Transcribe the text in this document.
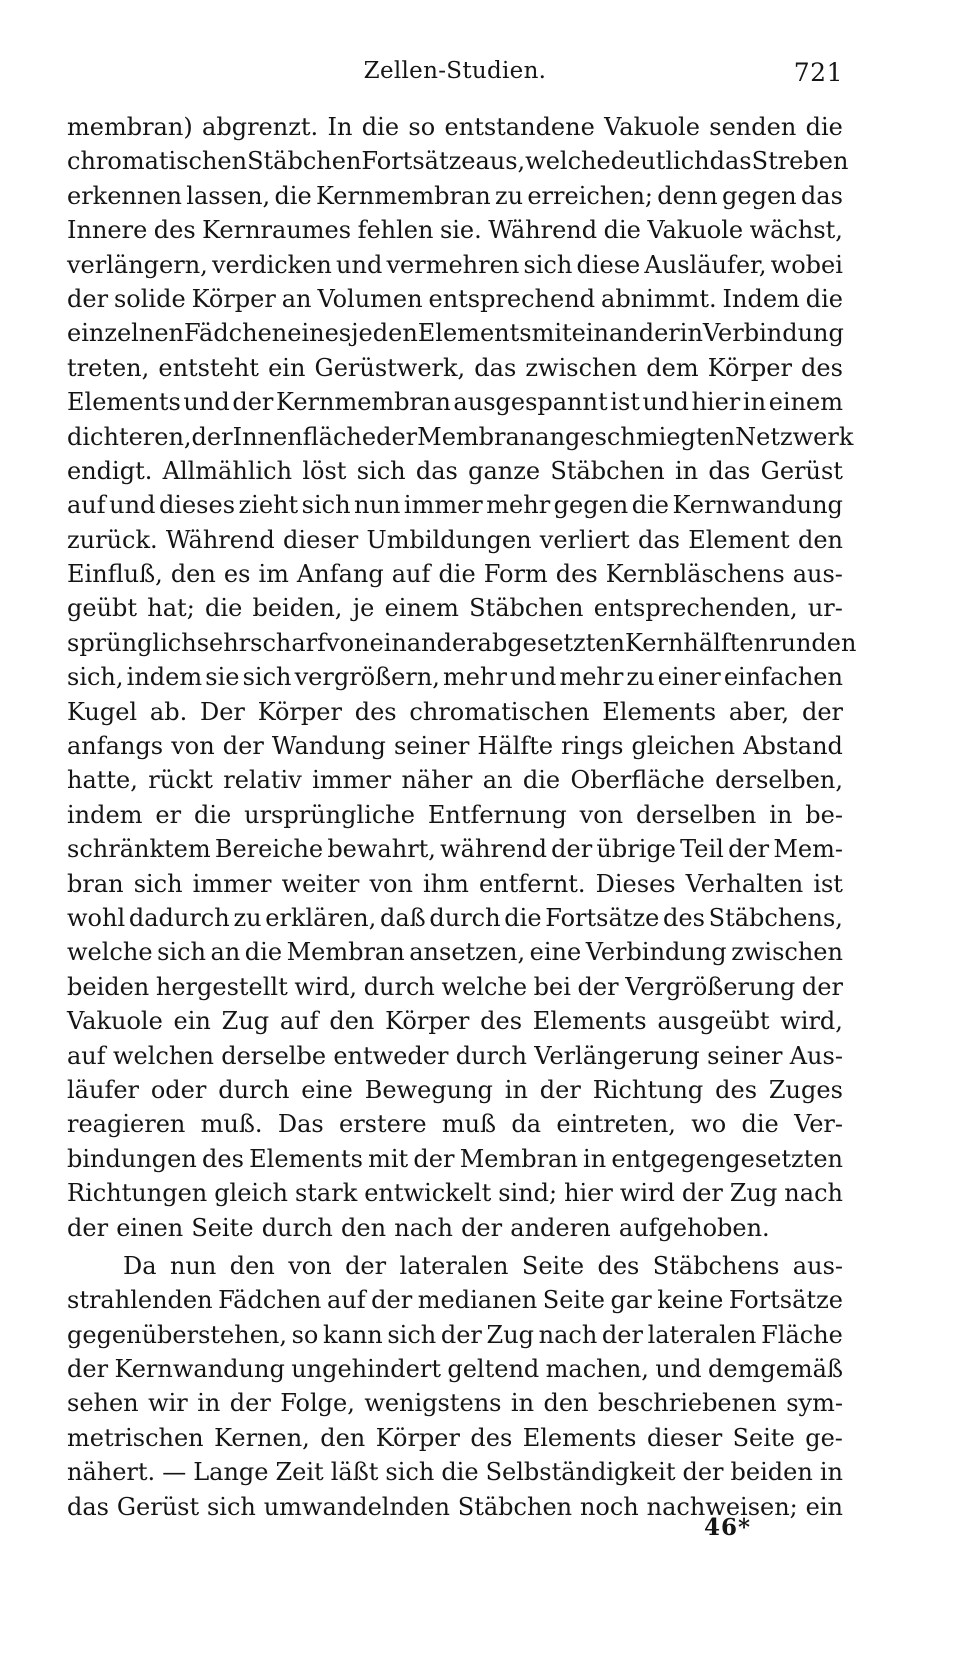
Zellen-Studien.	721
membran) abgrenzt. In die so entstandene Vakuole senden die
chromatischen Stäbchen Fortsätze aus, welche deutlich das Streben
erkennen lassen, die Kernmembran zu erreichen; denn gegen das
Innere des Kernraumes fehlen sie. Während die Vakuole wächst,
verlängern, verdicken und vermehren sich diese Ausläufer, wobei
der solide Körper an Volumen entsprechend abnimmt. Indem die
einzelnen Fädchen eines jeden Elements miteinander in Verbindung
treten, entsteht ein Gerüstwerk, das zwischen dem Körper des
Elements und der Kernmembran ausgespannt ist und hier in einem
dichteren, der Innenfläche der Membran angeschmiegten Netzwerk
endigt. Allmählich löst sich das ganze Stäbchen in das Gerüst
auf und dieses zieht sich nun immer mehr gegen die Kernwandung
zurück. Während dieser Umbildungen verliert das Element den
Einfluß, den es im Anfang auf die Form des Kernbläschens aus-
geübt hat; die beiden, je einem Stäbchen entsprechenden, ur-
sprünglich sehr scharf voneinander abgesetzten Kernhälften runden
sich, indem sie sich vergrößern, mehr und mehr zu einer einfachen
Kugel ab. Der Körper des chromatischen Elements aber, der
anfangs von der Wandung seiner Hälfte rings gleichen Abstand
hatte, rückt relativ immer näher an die Oberfläche derselben,
indem er die ursprüngliche Entfernung von derselben in be-
schränktem Bereiche bewahrt, während der übrige Teil der Mem-
bran sich immer weiter von ihm entfernt. Dieses Verhalten ist
wohl dadurch zu erklären, daß durch die Fortsätze des Stäbchens,
welche sich an die Membran ansetzen, eine Verbindung zwischen
beiden hergestellt wird, durch welche bei der Vergrößerung der
Vakuole ein Zug auf den Körper des Elements ausgeübt wird,
auf welchen derselbe entweder durch Verlängerung seiner Aus-
läufer oder durch eine Bewegung in der Richtung des Zuges
reagieren muß. Das erstere muß da eintreten, wo die Ver-
bindungen des Elements mit der Membran in entgegengesetzten
Richtungen gleich stark entwickelt sind; hier wird der Zug nach
der einen Seite durch den nach der anderen aufgehoben.
Da nun den von der lateralen Seite des Stäbchens aus-
strahlenden Fädchen auf der medianen Seite gar keine Fortsätze
gegenüberstehen, so kann sich der Zug nach der lateralen Fläche
der Kernwandung ungehindert geltend machen, und demgemäß
sehen wir in der Folge, wenigstens in den beschriebenen sym-
metrischen Kernen, den Körper des Elements dieser Seite ge-
nähert. — Lange Zeit läßt sich die Selbständigkeit der beiden in
das Gerüst sich umwandelnden Stäbchen noch nachweisen; ein
46*
